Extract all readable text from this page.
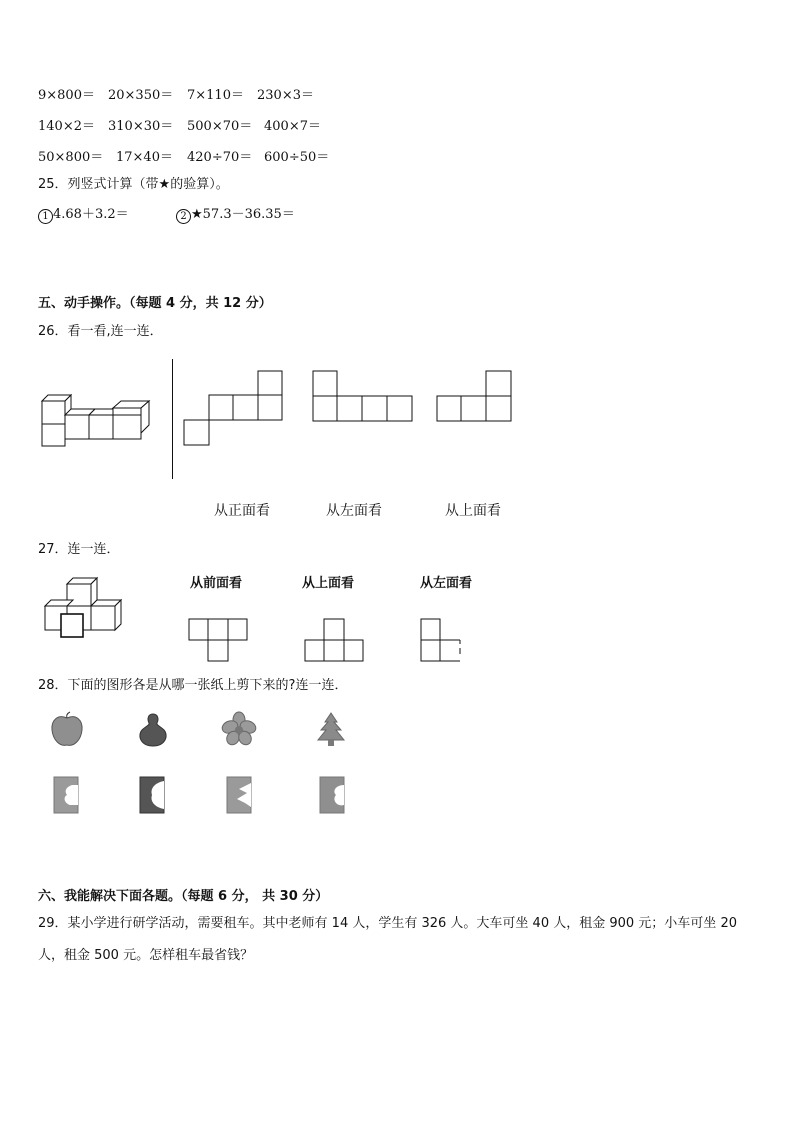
9×800＝ 20×350＝ 7×110＝ 230×3＝
140×2＝ 310×30＝ 500×70＝ 400×7＝
50×800＝ 17×40＝ 420÷70＝ 600÷50＝
25．列竖式计算（带★的验算）。
1 4.68＋3.2＝	2 ★57.3－36.35＝
五、动手操作。（每题 4 分，共 12 分）
26．看一看,连一连．
从正面看	从左面看	从上面看
27．连一连．
从前面看	从上面看	从左面看
28．下面的图形各是从哪一张纸上剪下来的?连一连．
六、我能解决下面各题。（每题 6 分， 共 30 分）
29．某小学进行研学活动，需要租车。其中老师有 14 人，学生有 326 人。大车可坐 40 人，租金 900 元；小车可坐 20
人，租金 500 元。怎样租车最省钱？
